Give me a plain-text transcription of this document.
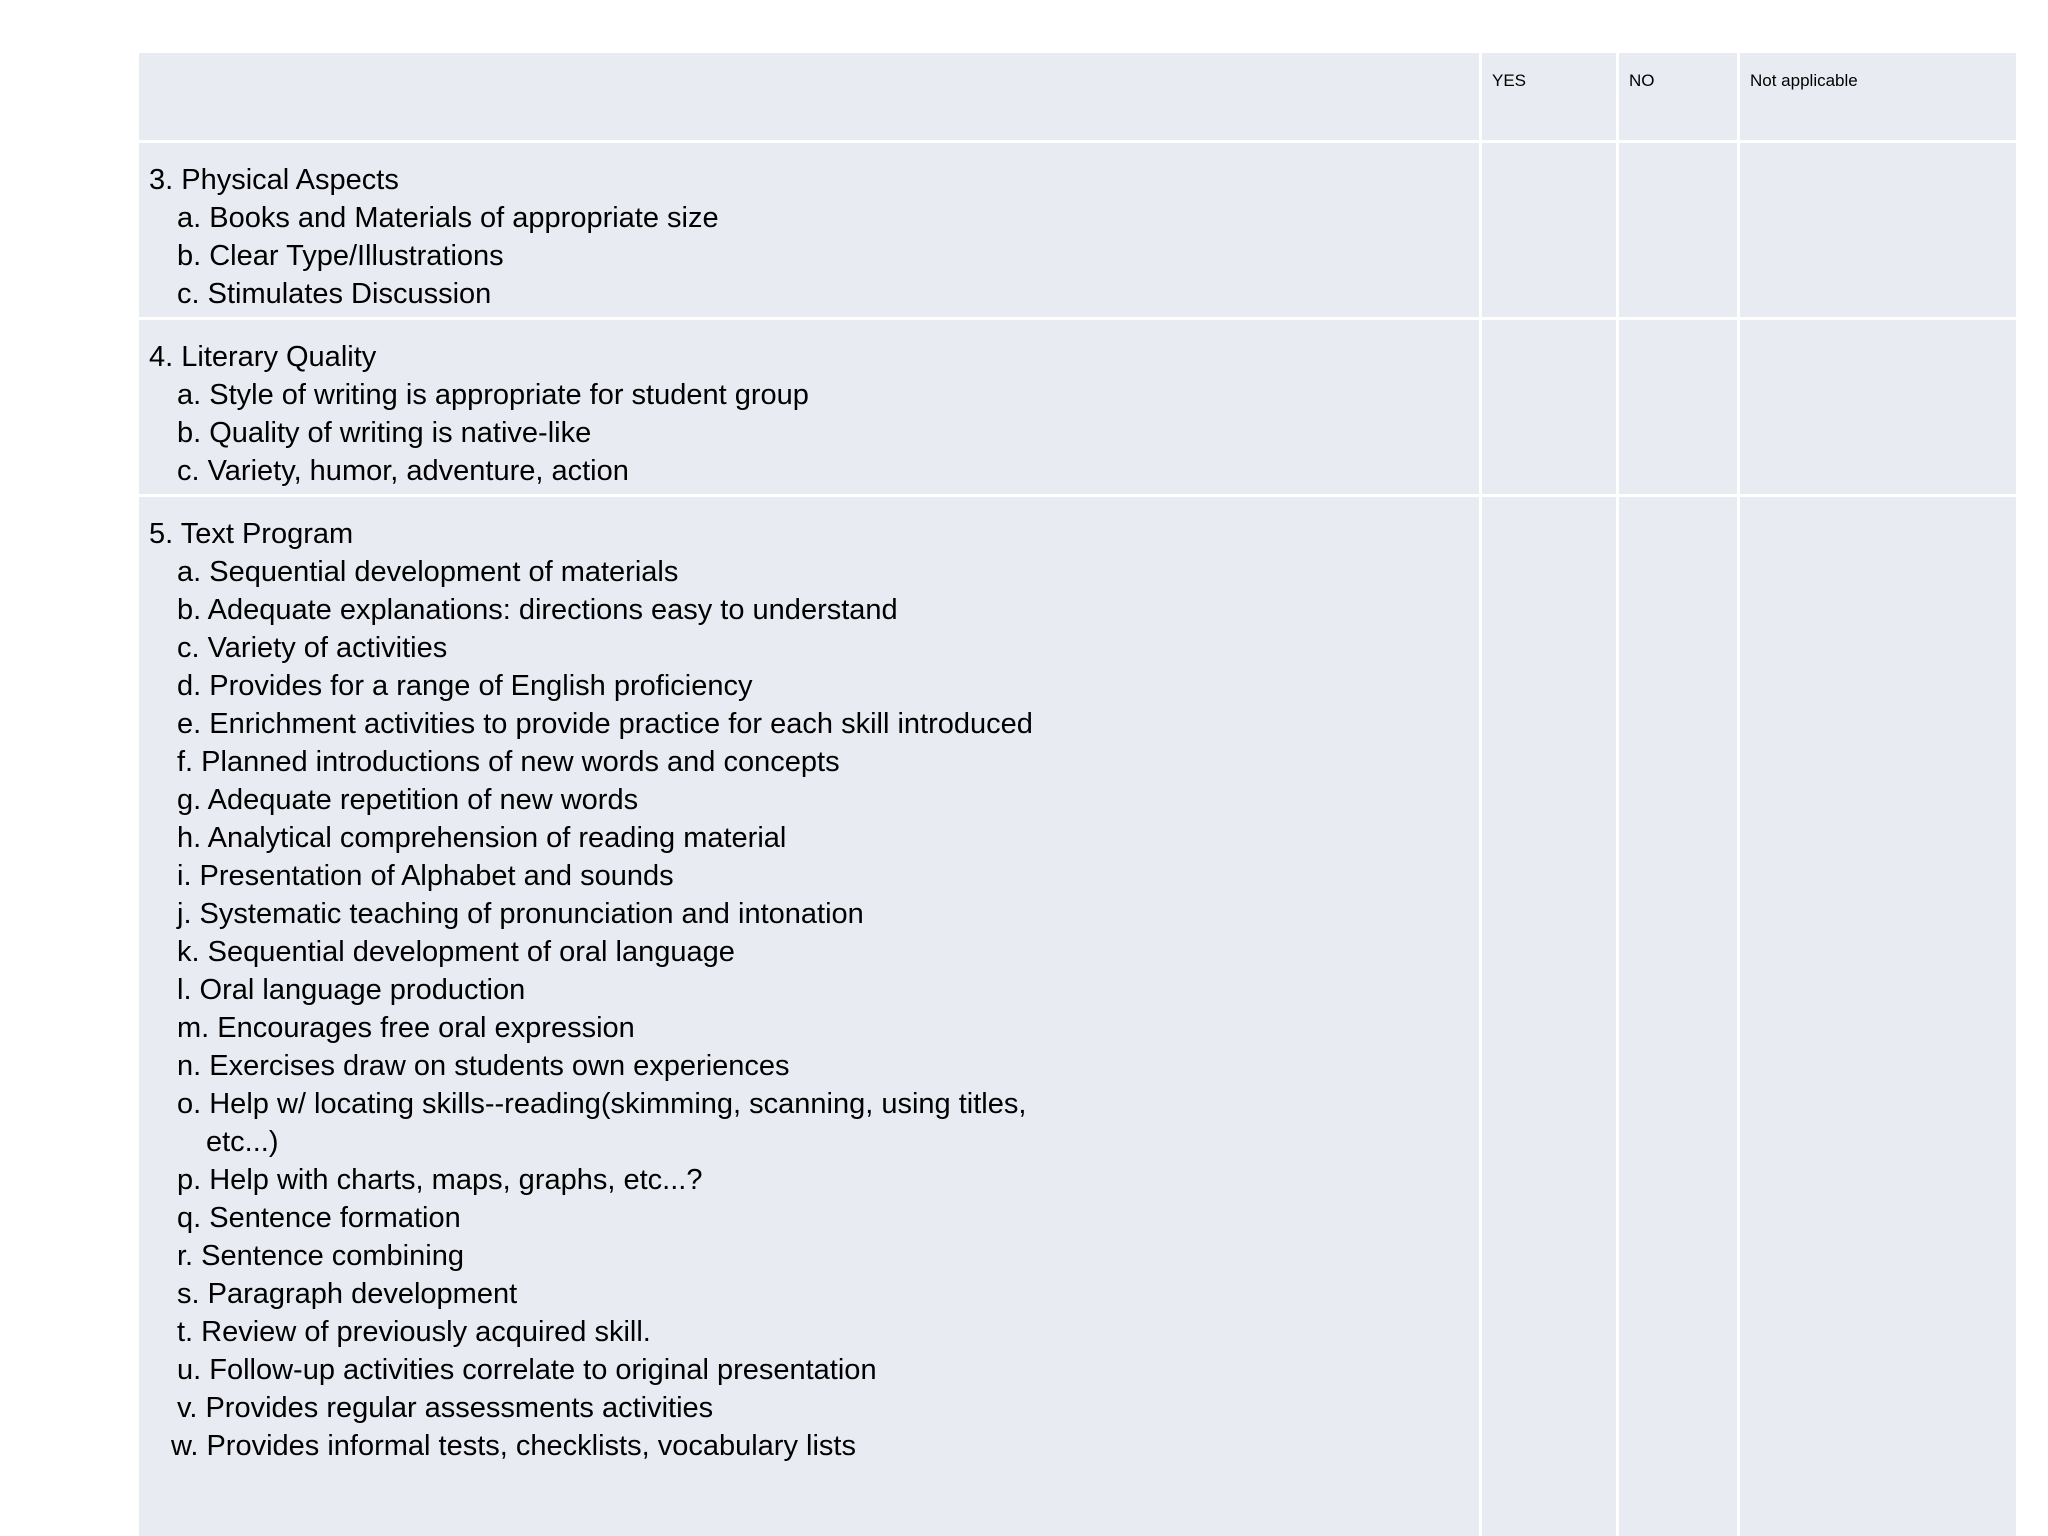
YES	NO	Not applicable
3. Physical Aspects
a. Books and Materials of appropriate size
b. Clear Type/Illustrations
c. Stimulates Discussion
4. Literary Quality
a. Style of writing is appropriate for student group
b. Quality of writing is native-like
c. Variety, humor, adventure, action
5. Text Program
a. Sequential development of materials
b. Adequate explanations: directions easy to understand
c. Variety of activities
d. Provides for a range of English proficiency
e. Enrichment activities to provide practice for each skill introduced
f. Planned introductions of new words and concepts
g. Adequate repetition of new words
h. Analytical comprehension of reading material
i. Presentation of Alphabet and sounds
j. Systematic teaching of pronunciation and intonation
k. Sequential development of oral language
l. Oral language production
m. Encourages free oral expression
n. Exercises draw on students own experiences
o. Help w/ locating skills--reading(skimming, scanning, using titles,
etc...)
p. Help with charts, maps, graphs, etc...?
q. Sentence formation
r. Sentence combining
s. Paragraph development
t. Review of previously acquired skill.
u. Follow-up activities correlate to original presentation
v. Provides regular assessments activities
w. Provides informal tests, checklists, vocabulary lists
